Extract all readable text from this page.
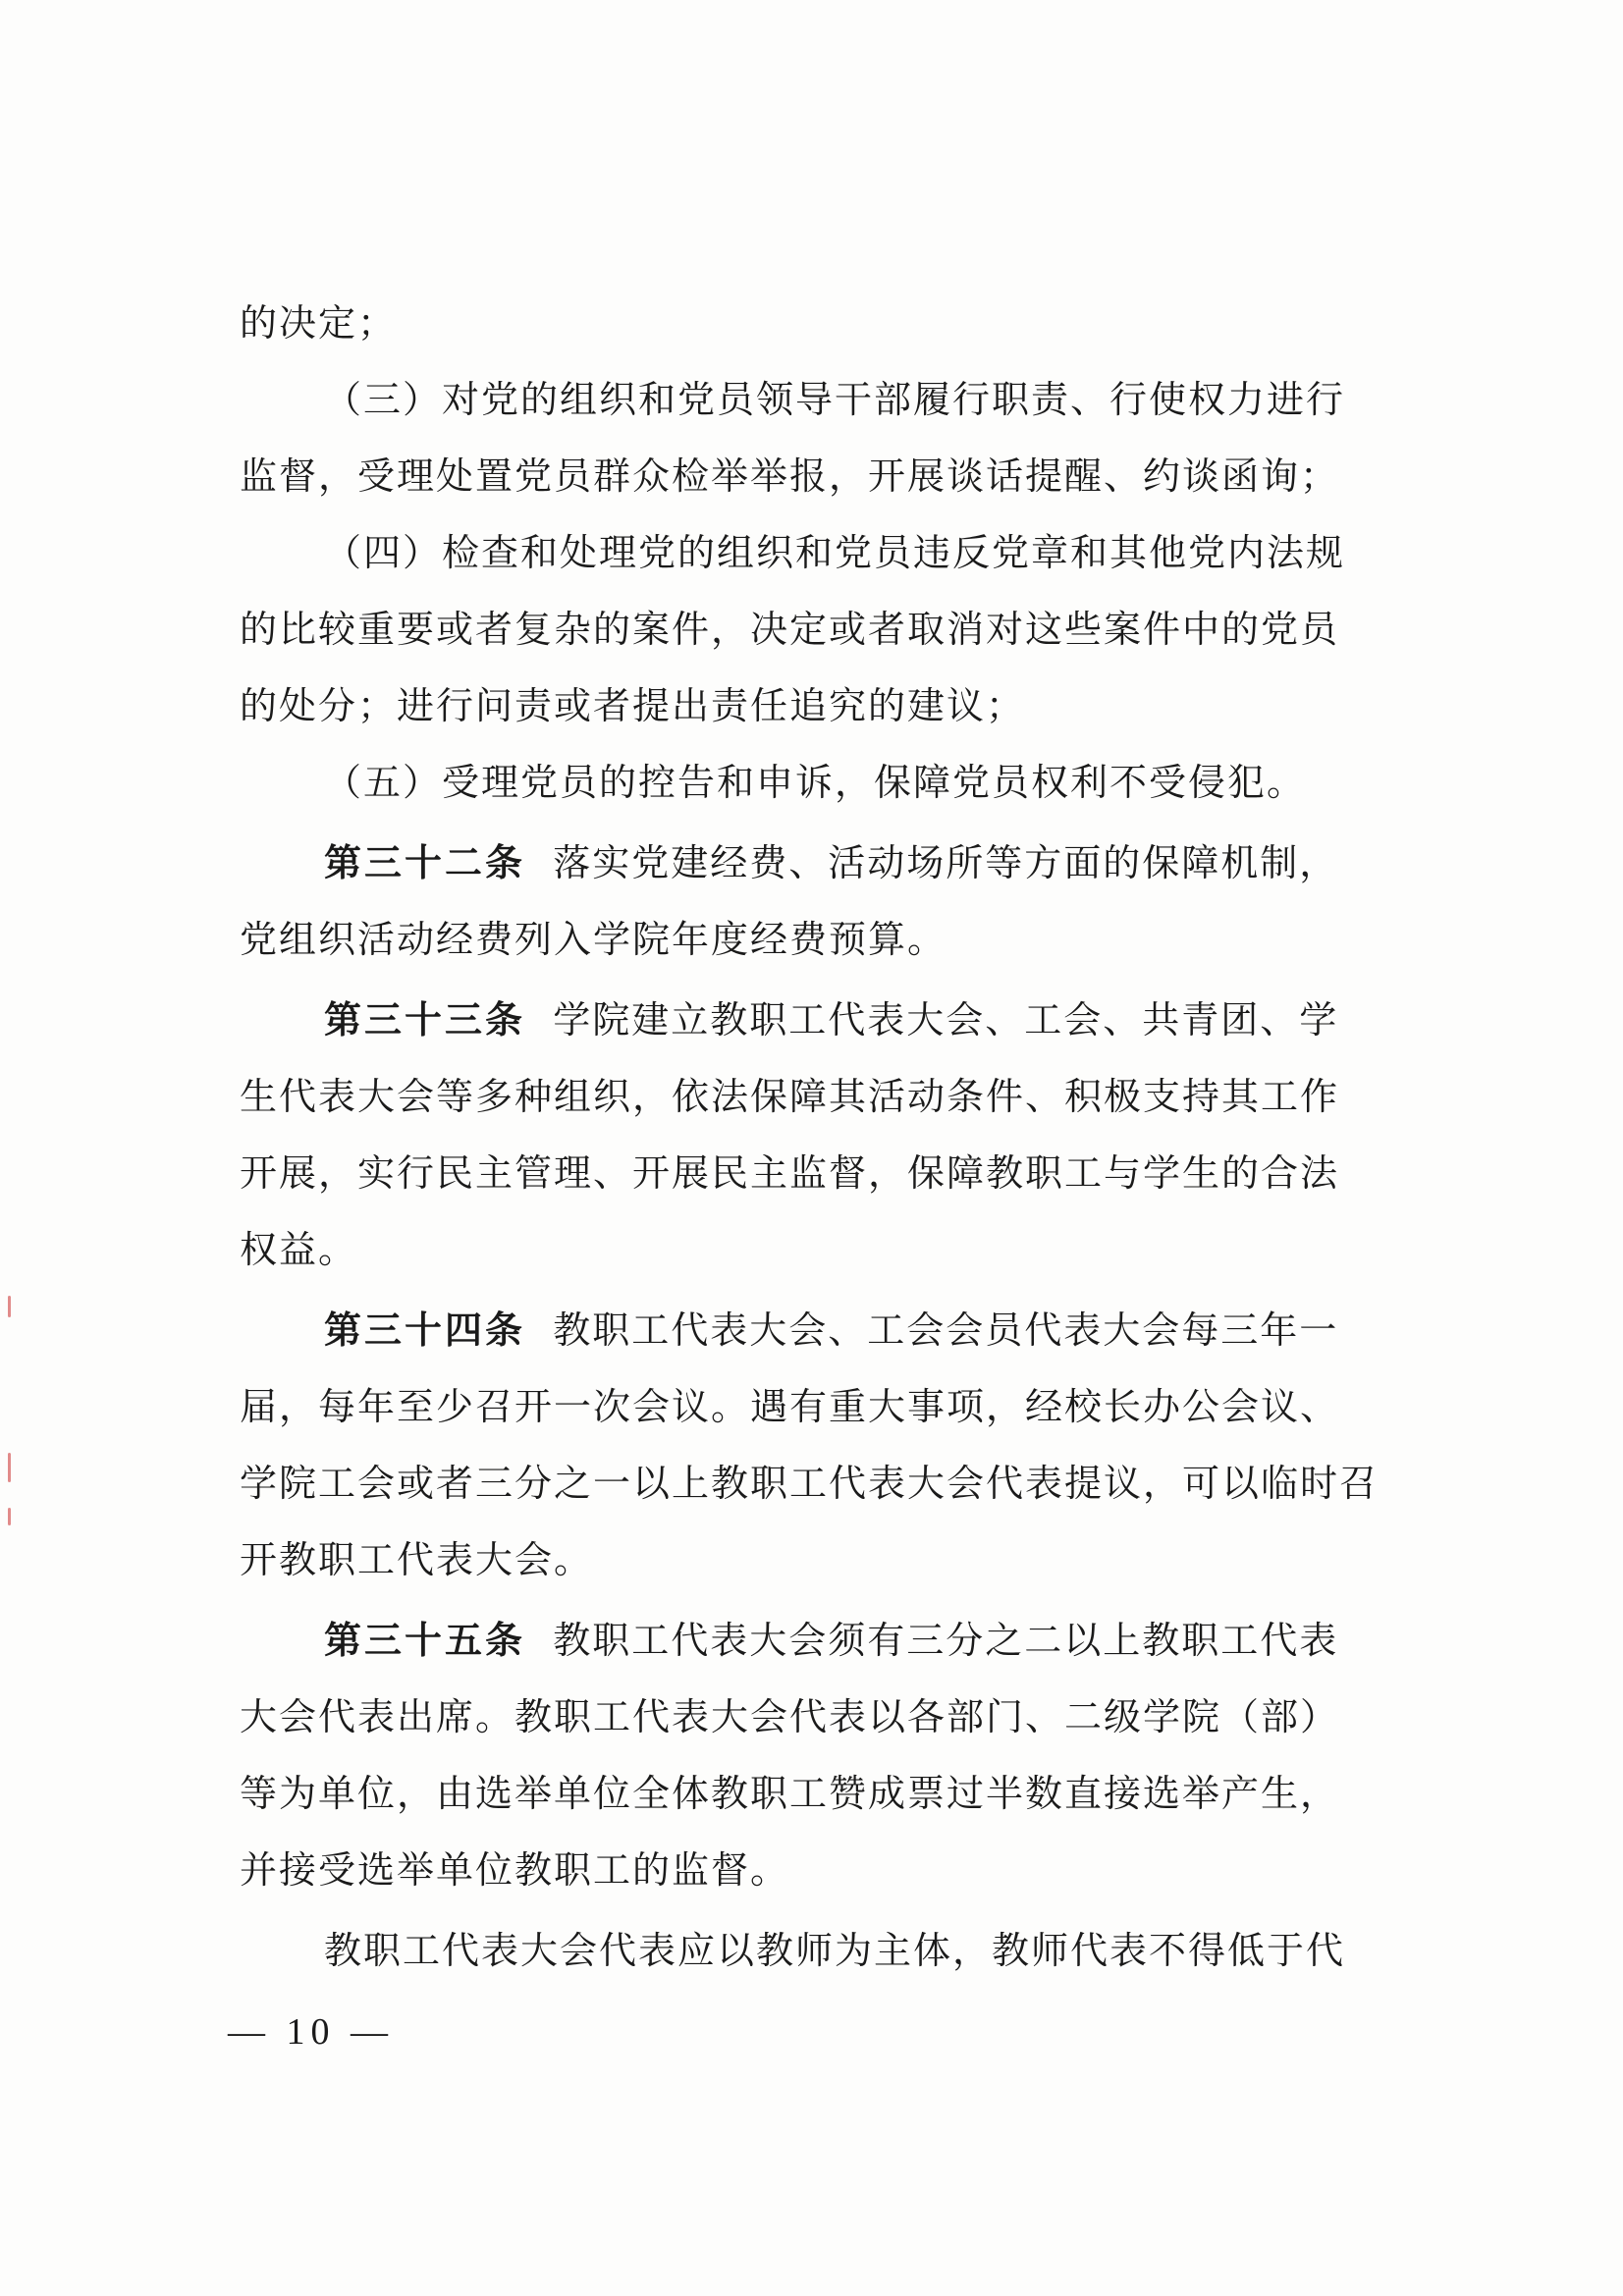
的决定；
（三）对党的组织和党员领导干部履行职责、行使权力进行
监督，受理处置党员群众检举举报，开展谈话提醒、约谈函询；
（四）检查和处理党的组织和党员违反党章和其他党内法规
的比较重要或者复杂的案件，决定或者取消对这些案件中的党员
的处分；进行问责或者提出责任追究的建议；
（五）受理党员的控告和申诉，保障党员权利不受侵犯。
第三十二条 落实党建经费、活动场所等方面的保障机制，
党组织活动经费列入学院年度经费预算。
第三十三条 学院建立教职工代表大会、工会、共青团、学
生代表大会等多种组织，依法保障其活动条件、积极支持其工作
开展，实行民主管理、开展民主监督，保障教职工与学生的合法
权益。
第三十四条 教职工代表大会、工会会员代表大会每三年一
届，每年至少召开一次会议。遇有重大事项，经校长办公会议、
学院工会或者三分之一以上教职工代表大会代表提议，可以临时召
开教职工代表大会。
第三十五条 教职工代表大会须有三分之二以上教职工代表
大会代表出席。教职工代表大会代表以各部门、二级学院（部）
等为单位，由选举单位全体教职工赞成票过半数直接选举产生，
并接受选举单位教职工的监督。
教职工代表大会代表应以教师为主体，教师代表不得低于代
— 10 —
